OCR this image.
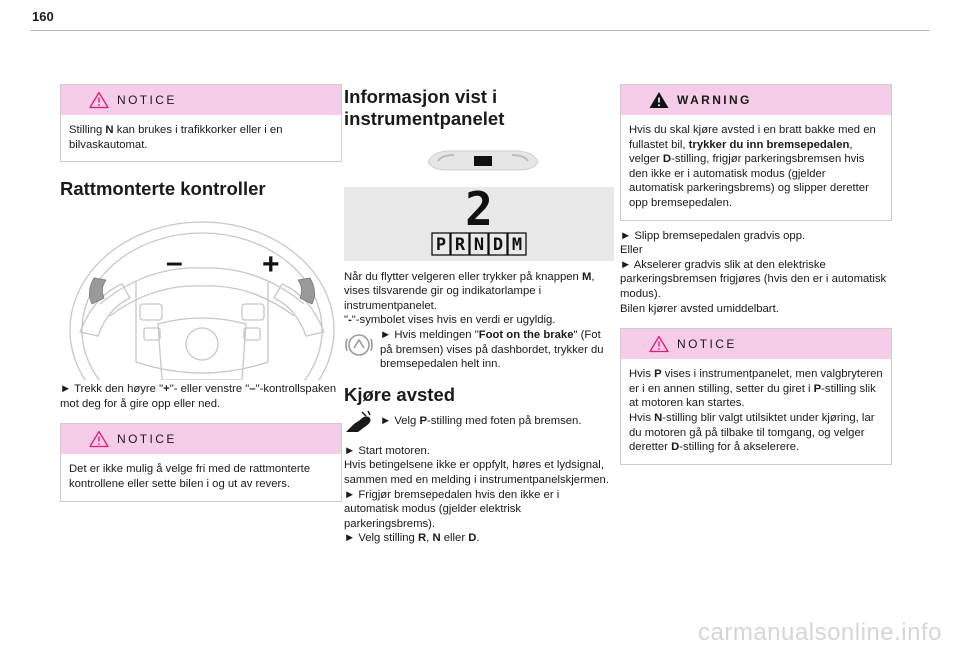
160
NOTICE

Stilling N kan brukes i trafikkorker eller i en bilvaskautomat.

Rattmonterte kontroller
–	+

► Trekk den høyre "+"- eller venstre "–"-kontrollspaken mot deg for å gire opp eller ned.

NOTICE

Det er ikke mulig å velge fri med de rattmonterte kontrollene eller sette bilen i og ut av revers.

Informasjon vist i instrumentpanelet
2
P R N D M

Når du flytter velgeren eller trykker på knappen M, vises tilsvarende gir og indikatorlampe i instrumentpanelet.

"-"-symbolet vises hvis en verdi er ugyldig.

► Hvis meldingen "Foot on the brake" (Fot på bremsen) vises på dashbordet, trykker du bremsepedalen helt inn.

Kjøre avsted

► Velg P-stilling med foten på bremsen.

► Start motoren.

Hvis betingelsene ikke er oppfylt, høres et lydsignal, sammen med en melding i instrumentpanelskjermen.

► Frigjør bremsepedalen hvis den ikke er i automatisk modus (gjelder elektrisk parkeringsbrems).

► Velg stilling R, N eller D.

WARNING

Hvis du skal kjøre avsted i en bratt bakke med en fullastet bil, trykker du inn bremsepedalen, velger D-stilling, frigjør parkeringsbremsen hvis den ikke er i automatisk modus (gjelder automatisk parkeringsbrems) og slipper deretter opp bremsepedalen.

► Slipp bremsepedalen gradvis opp.

Eller

► Akselerer gradvis slik at den elektriske parkeringsbremsen frigjøres (hvis den er i automatisk modus).

Bilen kjører avsted umiddelbart.

NOTICE

Hvis P vises i instrumentpanelet, men valgbryteren er i en annen stilling, setter du giret i P-stilling slik at motoren kan startes.

Hvis N-stilling blir valgt utilsiktet under kjøring, lar du motoren gå på tilbake til tomgang, og velger deretter D-stilling for å akselerere.

carmanualsonline.info
